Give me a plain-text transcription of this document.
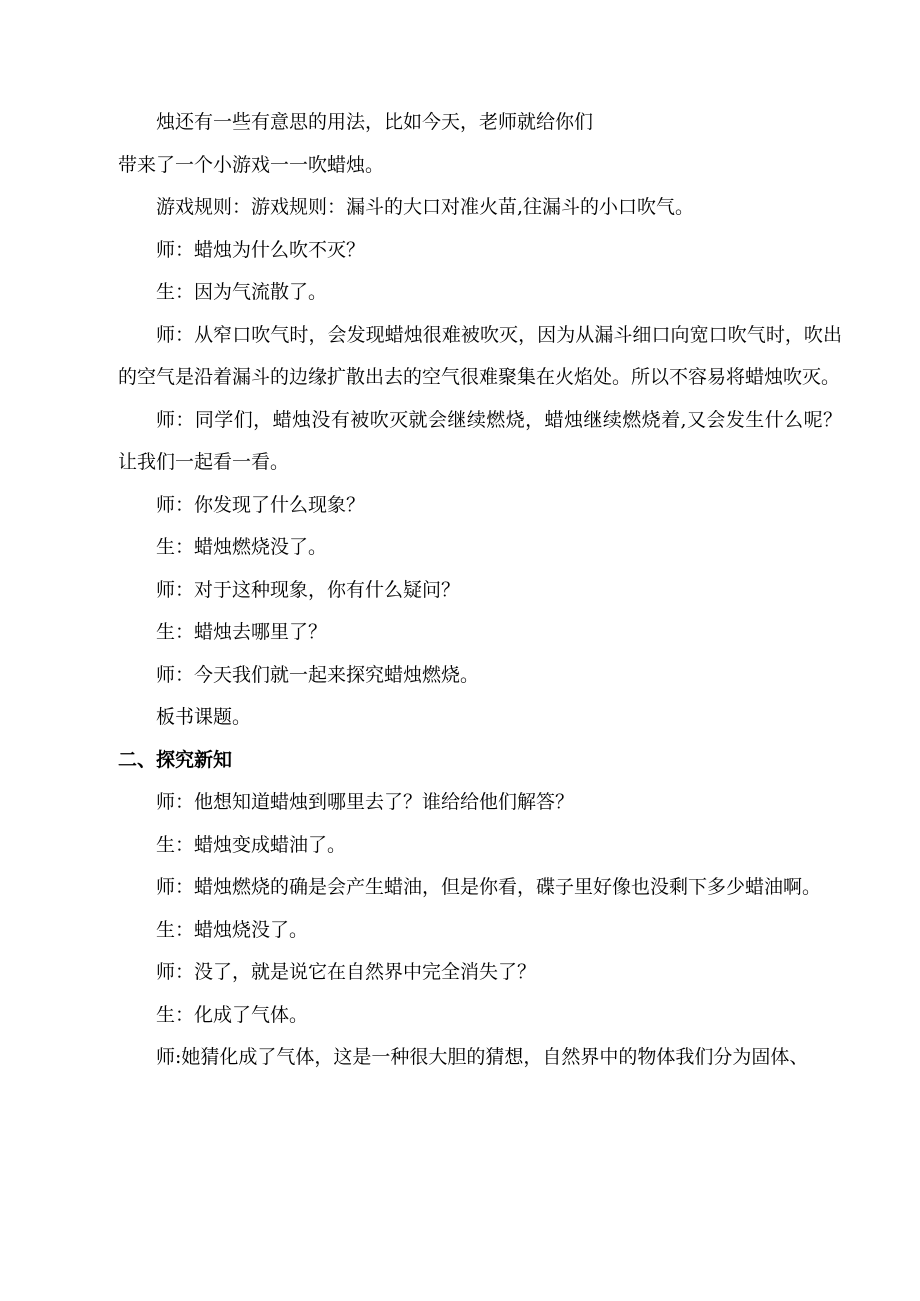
烛还有一些有意思的用法，比如今天，老师就给你们

带来了一个小游戏一一吹蜡烛。

游戏规则：游戏规则：漏斗的大口对准火苗,往漏斗的小口吹气。

师：蜡烛为什么吹不灭？

生：因为气流散了。

师：从窄口吹气时，会发现蜡烛很难被吹灭，因为从漏斗细口向宽口吹气时，吹出的空气是沿着漏斗的边缘扩散出去的空气很难聚集在火焰处。所以不容易将蜡烛吹灭。

师：同学们，蜡烛没有被吹灭就会继续燃烧，蜡烛继续燃烧着,又会发生什么呢？让我们一起看一看。

师：你发现了什么现象？

生：蜡烛燃烧没了。

师：对于这种现象，你有什么疑问？

生：蜡烛去哪里了？

师：今天我们就一起来探究蜡烛燃烧。

板书课题。

二、探究新知

师：他想知道蜡烛到哪里去了？谁给给他们解答？

生：蜡烛变成蜡油了。

师：蜡烛燃烧的确是会产生蜡油，但是你看，碟子里好像也没剩下多少蜡油啊。

生：蜡烛烧没了。

师：没了，就是说它在自然界中完全消失了？

生：化成了气体。

师:她猜化成了气体，这是一种很大胆的猜想，自然界中的物体我们分为固体、
